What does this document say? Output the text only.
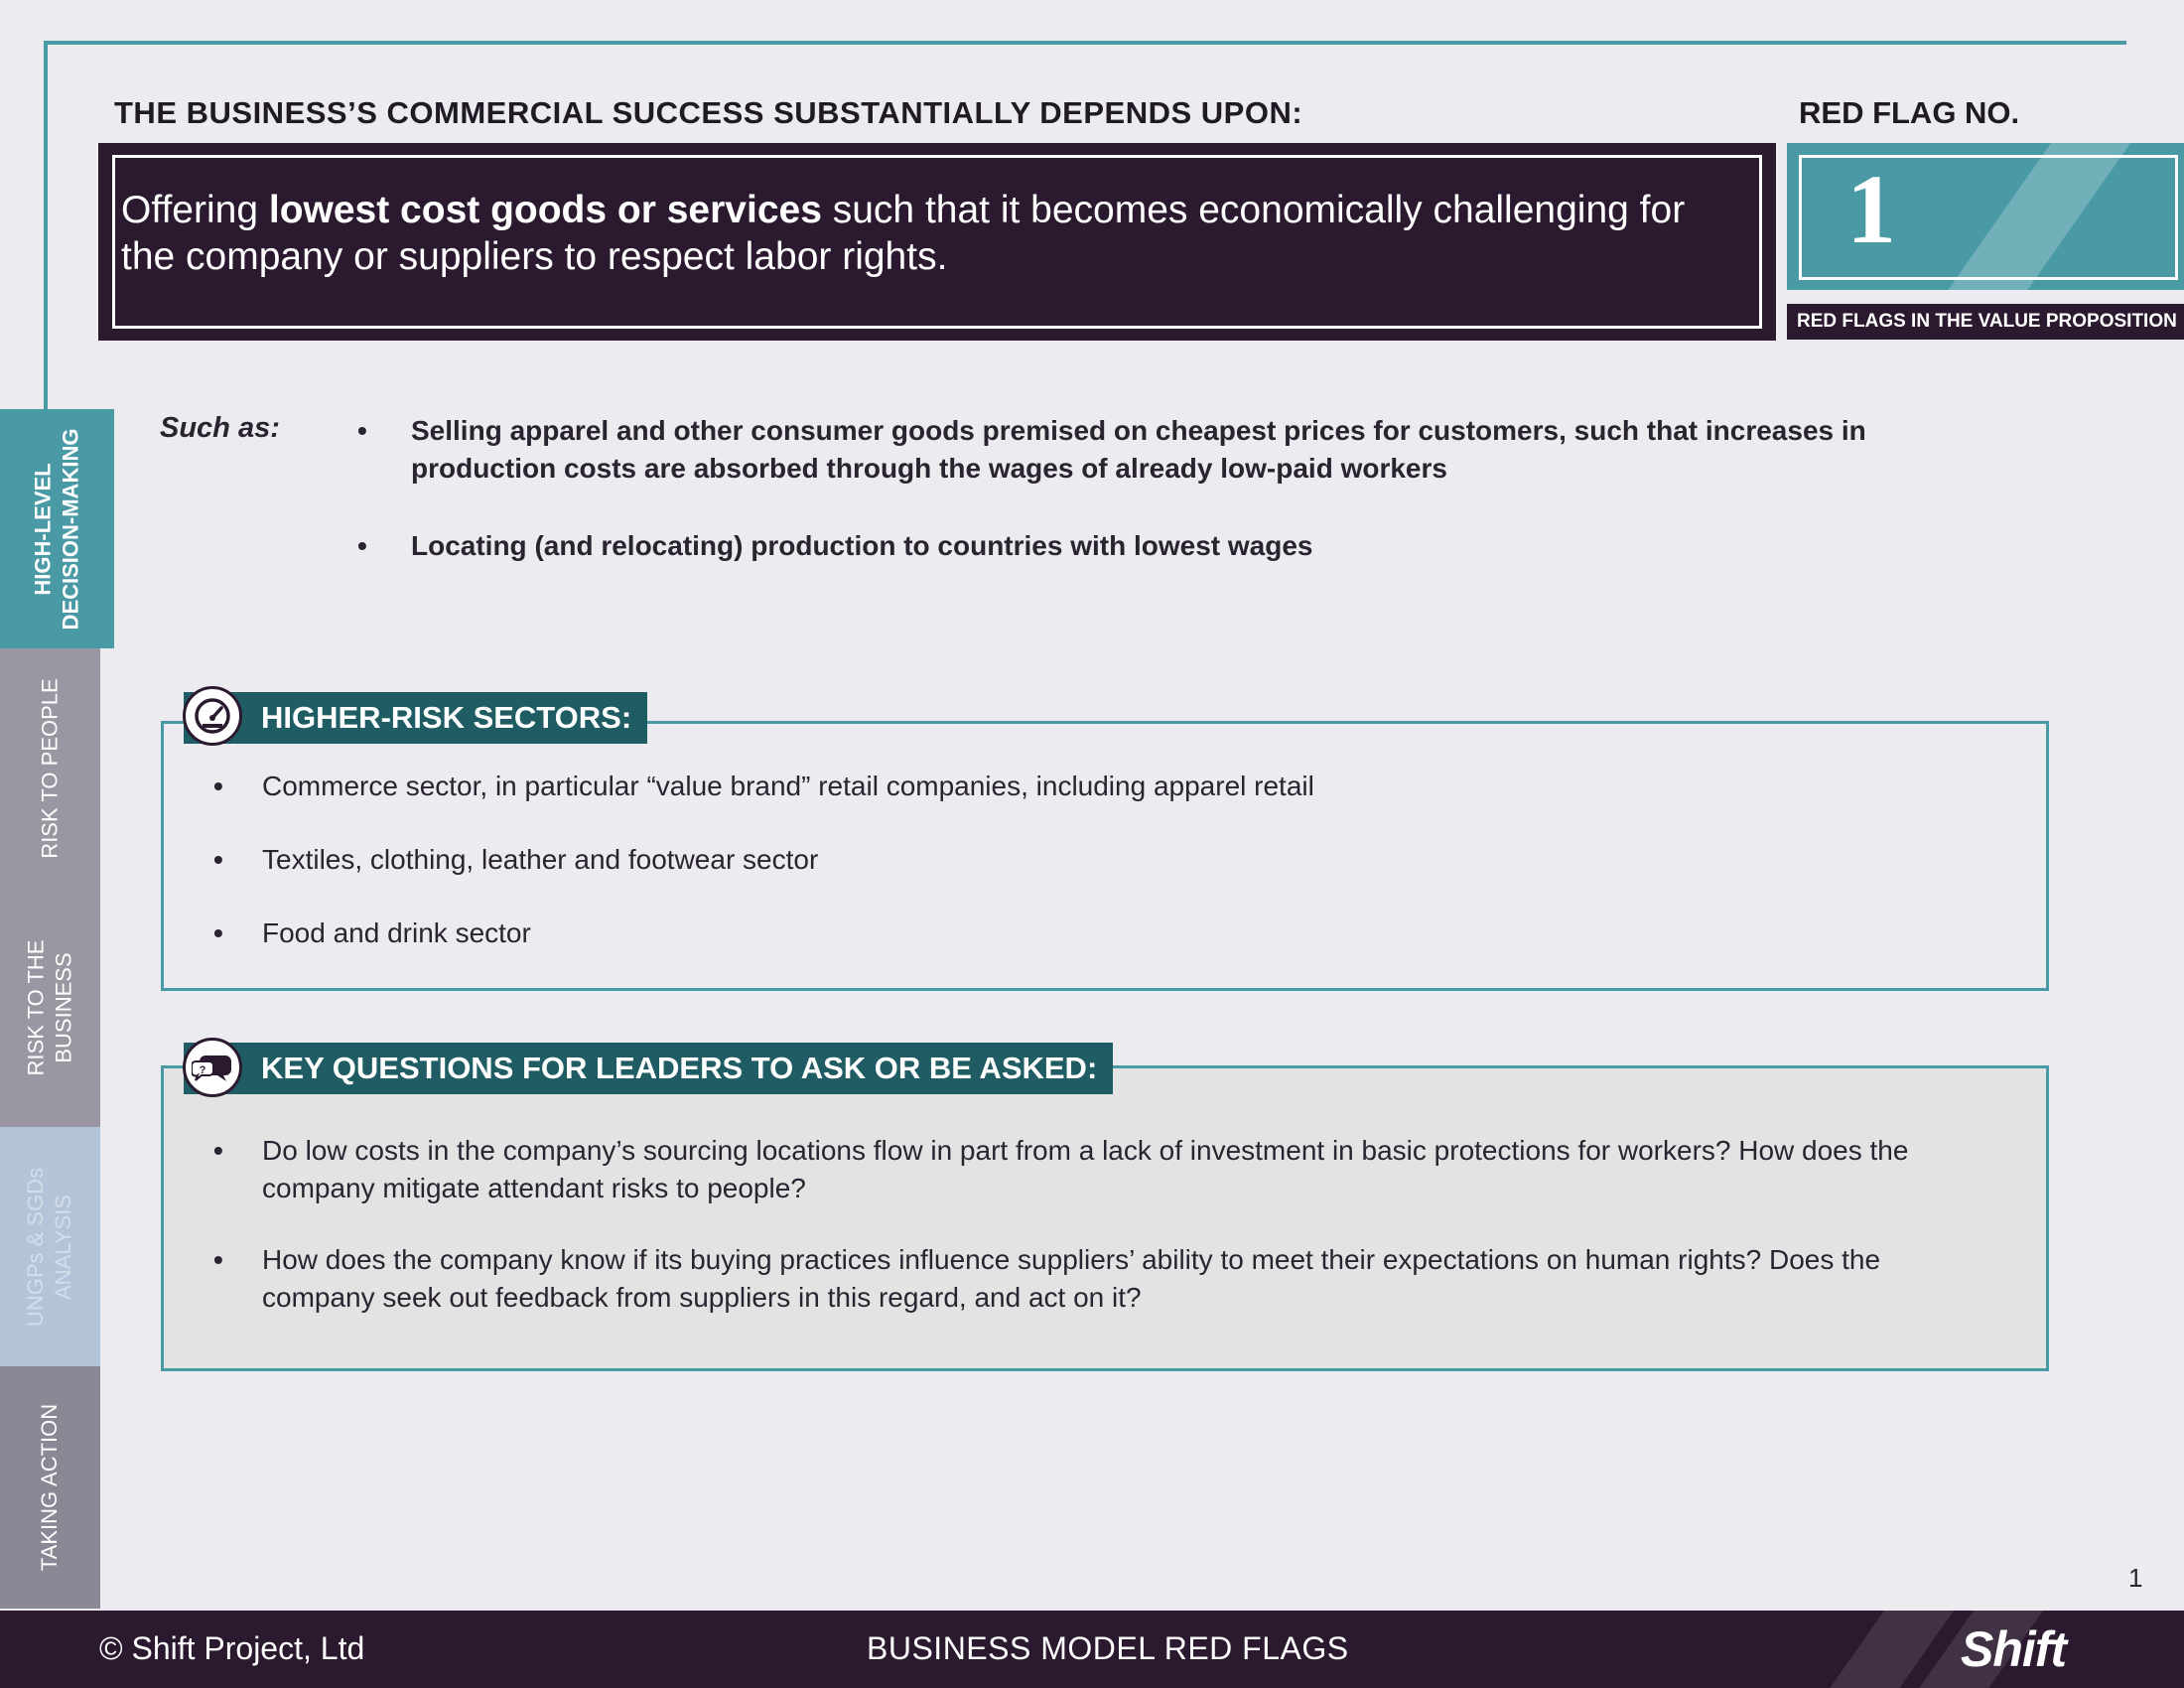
THE BUSINESS’S COMMERCIAL SUCCESS SUBSTANTIALLY DEPENDS UPON:	RED FLAG NO.
Offering lowest cost goods or services such that it becomes economically challenging for the company or suppliers to respect labor rights.	1
RED FLAGS IN THE VALUE PROPOSITION
HIGH-LEVEL DECISION-MAKING
RISK TO PEOPLE
RISK TO THE BUSINESS
UNGPs & SGDs ANALYSIS
TAKING ACTION
Such as:	• Selling apparel and other consumer goods premised on cheapest prices for customers, such that increases in production costs are absorbed through the wages of already low-paid workers
• Locating (and relocating) production to countries with lowest wages
• Commerce sector, in particular “value brand” retail companies, including apparel retail
• Textiles, clothing, leather and footwear sector
• Food and drink sector
HIGHER-RISK SECTORS:
• Do low costs in the company’s sourcing locations flow in part from a lack of investment in basic protections for workers? How does the company mitigate attendant risks to people?
• How does the company know if its buying practices influence suppliers’ ability to meet their expectations on human rights? Does the company seek out feedback from suppliers in this regard, and act on it?
KEY QUESTIONS FOR LEADERS TO ASK OR BE ASKED:
?
1
© Shift Project, Ltd	BUSINESS MODEL RED FLAGS	Shift
